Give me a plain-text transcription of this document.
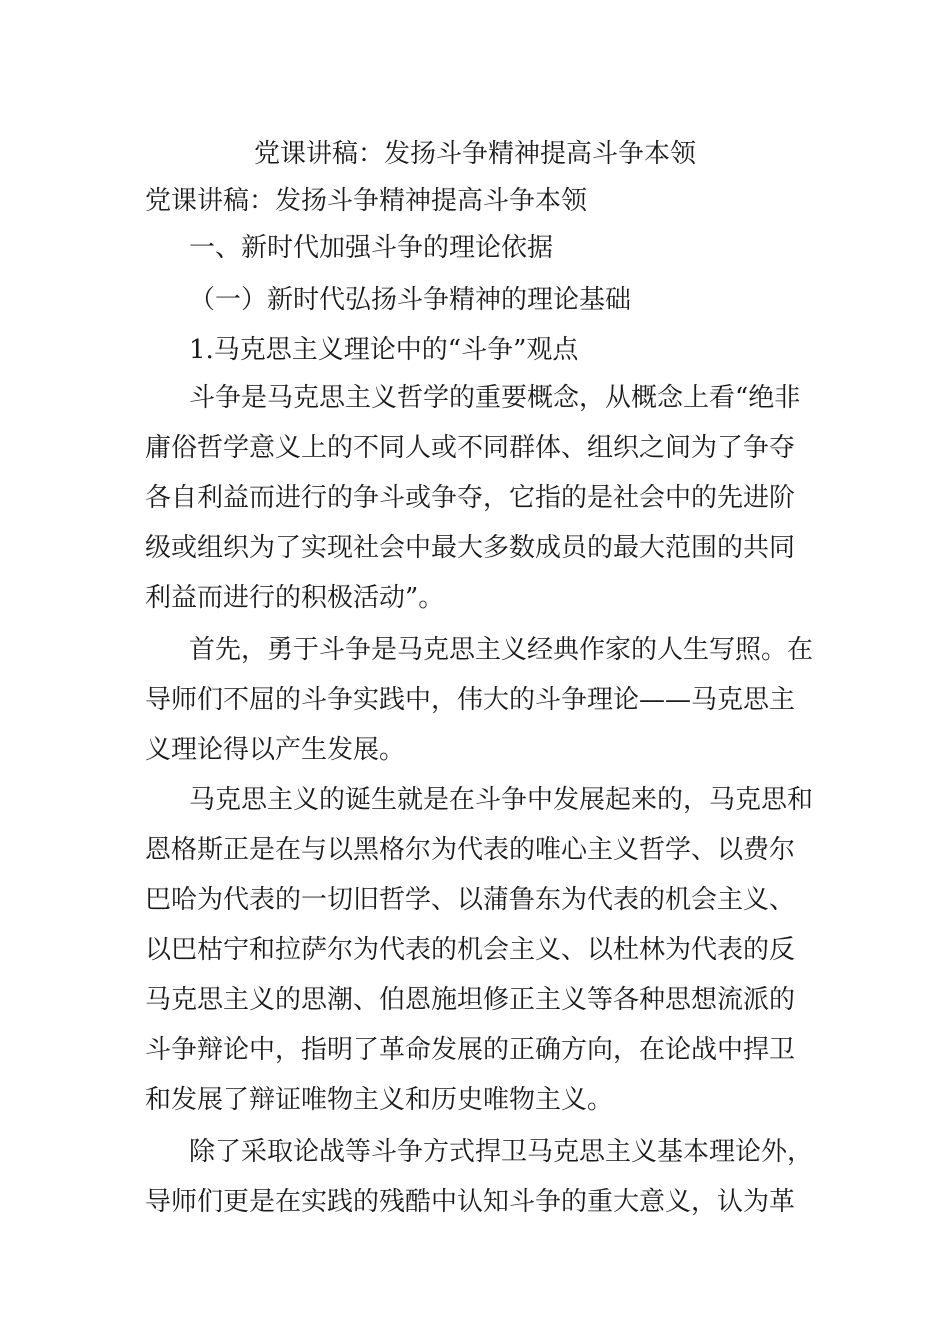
党课讲稿：发扬斗争精神提高斗争本领
党课讲稿：发扬斗争精神提高斗争本领
一、新时代加强斗争的理论依据
（一）新时代弘扬斗争精神的理论基础
1.马克思主义理论中的“斗争”观点
斗争是马克思主义哲学的重要概念，从概念上看“绝非
庸俗哲学意义上的不同人或不同群体、组织之间为了争夺
各自利益而进行的争斗或争夺，它指的是社会中的先进阶
级或组织为了实现社会中最大多数成员的最大范围的共同
利益而进行的积极活动”。
首先，勇于斗争是马克思主义经典作家的人生写照。在
导师们不屈的斗争实践中，伟大的斗争理论——马克思主
义理论得以产生发展。
马克思主义的诞生就是在斗争中发展起来的，马克思和
恩格斯正是在与以黑格尔为代表的唯心主义哲学、以费尔
巴哈为代表的一切旧哲学、以蒲鲁东为代表的机会主义、
以巴枯宁和拉萨尔为代表的机会主义、以杜林为代表的反
马克思主义的思潮、伯恩施坦修正主义等各种思想流派的
斗争辩论中，指明了革命发展的正确方向，在论战中捍卫
和发展了辩证唯物主义和历史唯物主义。
除了采取论战等斗争方式捍卫马克思主义基本理论外，
导师们更是在实践的残酷中认知斗争的重大意义，认为革
